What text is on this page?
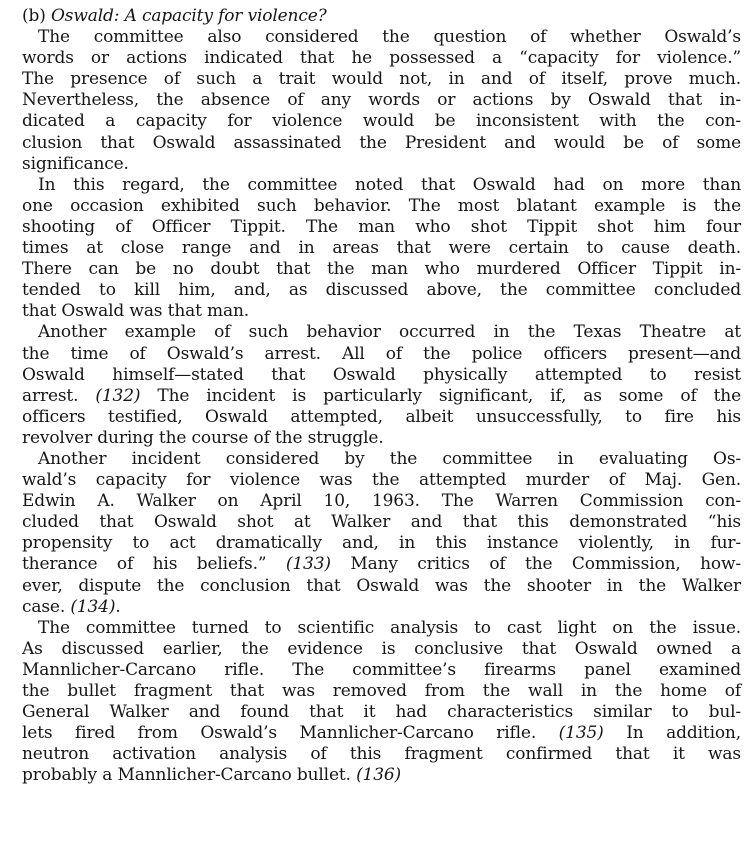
(b) Oswald: A capacity for violence?
The committee also considered the question of whether Oswald’s
words or actions indicated that he possessed a “capacity for violence.”
The presence of such a trait would not, in and of itself, prove much.
Nevertheless, the absence of any words or actions by Oswald that in-
dicated a capacity for violence would be inconsistent with the con-
clusion that Oswald assassinated the President and would be of some
significance.
In this regard, the committee noted that Oswald had on more than
one occasion exhibited such behavior. The most blatant example is the
shooting of Officer Tippit. The man who shot Tippit shot him four
times at close range and in areas that were certain to cause death.
There can be no doubt that the man who murdered Officer Tippit in-
tended to kill him, and, as discussed above, the committee concluded
that Oswald was that man.
Another example of such behavior occurred in the Texas Theatre at
the time of Oswald’s arrest. All of the police officers present—and
Oswald himself—stated that Oswald physically attempted to resist
arrest. (132) The incident is particularly significant, if, as some of the
officers testified, Oswald attempted, albeit unsuccessfully, to fire his
revolver during the course of the struggle.
Another incident considered by the committee in evaluating Os-
wald’s capacity for violence was the attempted murder of Maj. Gen.
Edwin A. Walker on April 10, 1963. The Warren Commission con-
cluded that Oswald shot at Walker and that this demonstrated “his
propensity to act dramatically and, in this instance violently, in fur-
therance of his beliefs.” (133) Many critics of the Commission, how-
ever, dispute the conclusion that Oswald was the shooter in the Walker
case. (134).
The committee turned to scientific analysis to cast light on the issue.
As discussed earlier, the evidence is conclusive that Oswald owned a
Mannlicher-Carcano rifle. The committee’s firearms panel examined
the bullet fragment that was removed from the wall in the home of
General Walker and found that it had characteristics similar to bul-
lets fired from Oswald’s Mannlicher-Carcano rifle. (135) In addition,
neutron activation analysis of this fragment confirmed that it was
probably a Mannlicher-Carcano bullet. (136)
